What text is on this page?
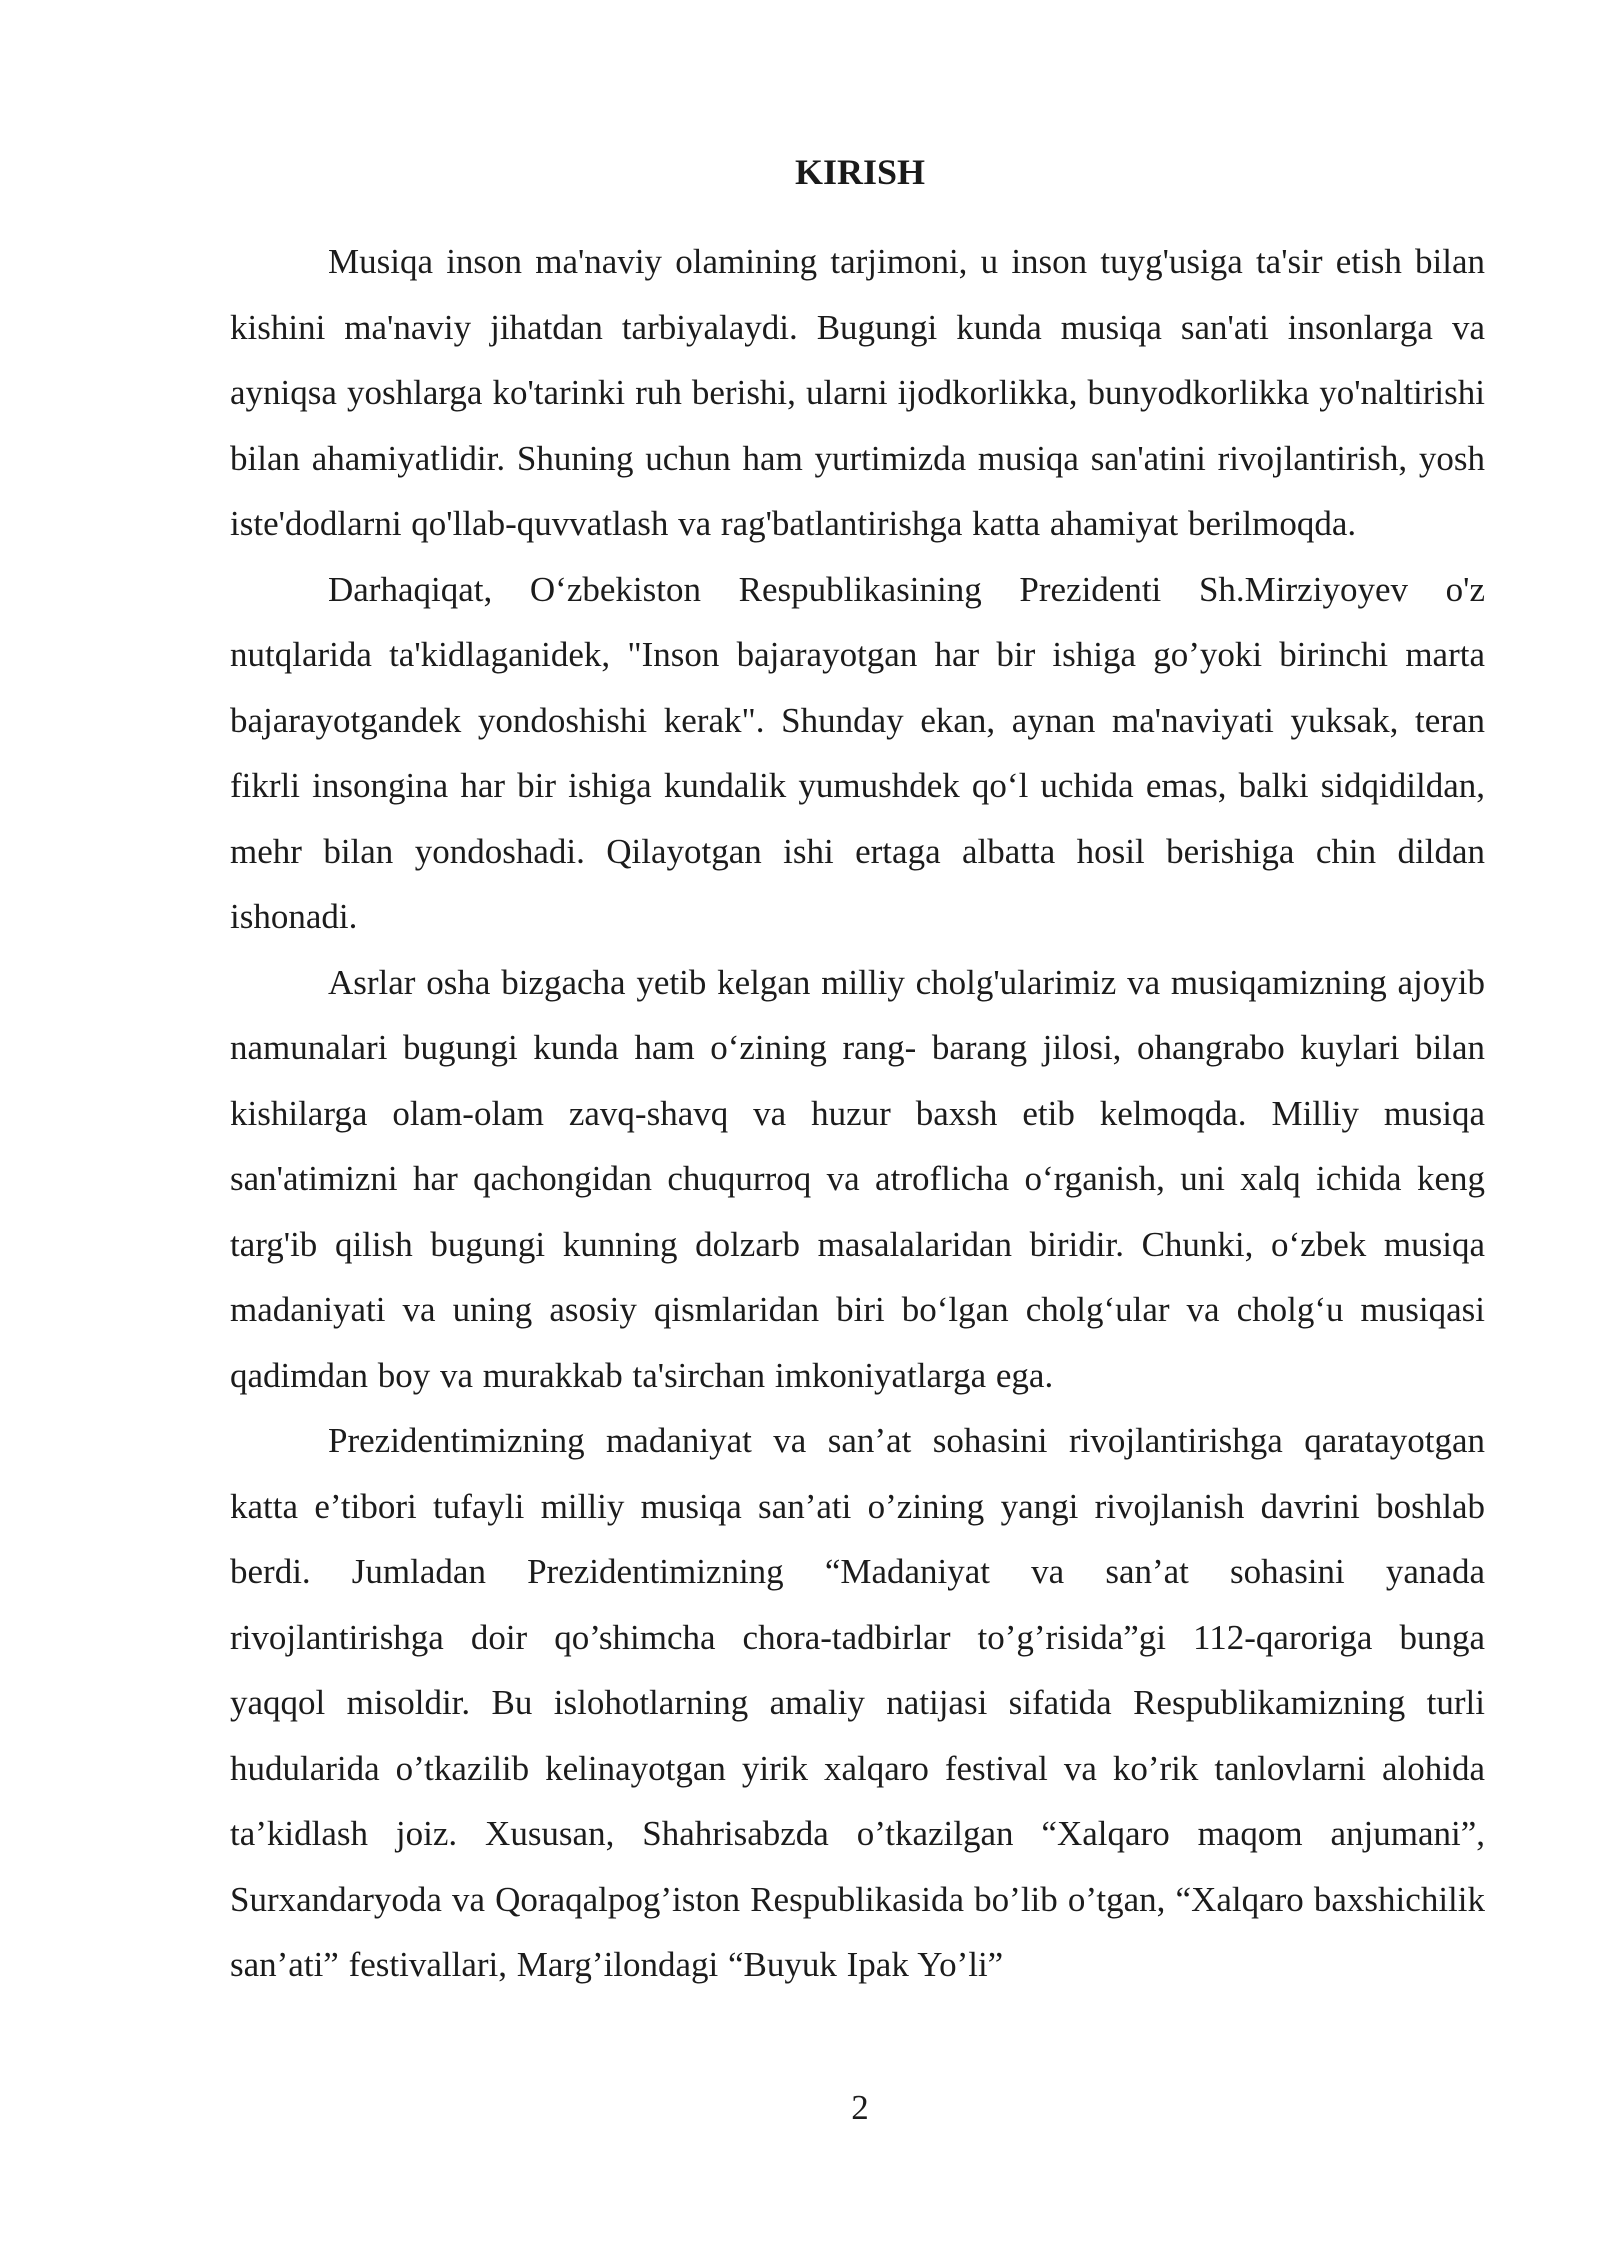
KIRISH

Musiqa inson ma'naviy olamining tarjimoni, u inson tuyg'usiga ta'sir etish bilan kishini ma'naviy jihatdan tarbiyalaydi. Bugungi kunda musiqa san'ati insonlarga va ayniqsa yoshlarga ko'tarinki ruh berishi, ularni ijodkorlikka, bunyodkorlikka yo'naltirishi bilan ahamiyatlidir. Shuning uchun ham yurtimizda musiqa san'atini rivojlantirish, yosh iste'dodlarni qo'llab-quvvatlash va rag'batlantirishga katta ahamiyat berilmoqda.

Darhaqiqat, O‘zbekiston Respublikasining Prezidenti Sh.Mirziyoyev o'z nutqlarida ta'kidlaganidek, "Inson bajarayotgan har bir ishiga go’yoki birinchi marta bajarayotgandek yondoshishi kerak". Shunday ekan, aynan ma'naviyati yuksak, teran fikrli insongina har bir ishiga kundalik yumushdek qo‘l uchida emas, balki sidqidildan, mehr bilan yondoshadi. Qilayotgan ishi ertaga albatta hosil berishiga chin dildan ishonadi.

Asrlar osha bizgacha yetib kelgan milliy cholg'ularimiz va musiqamizning ajoyib namunalari bugungi kunda ham o‘zining rang- barang jilosi, ohangrabo kuylari bilan kishilarga olam-olam zavq-shavq va huzur baxsh etib kelmoqda. Milliy musiqa san'atimizni har qachongidan chuqurroq va atroflicha o‘rganish, uni xalq ichida keng targ'ib qilish bugungi kunning dolzarb masalalaridan biridir. Chunki, o‘zbek musiqa madaniyati va uning asosiy qismlaridan biri bo‘lgan cholg‘ular va cholg‘u musiqasi qadimdan boy va murakkab ta'sirchan imkoniyatlarga ega.

Prezidentimizning madaniyat va san’at sohasini rivojlantirishga qaratayotgan katta e’tibori tufayli milliy musiqa san’ati o’zining yangi rivojlanish davrini boshlab berdi. Jumladan Prezidentimizning “Madaniyat va san’at sohasini yanada rivojlantirishga doir qo’shimcha chora-tadbirlar to’g’risida”gi 112-qaroriga bunga yaqqol misoldir. Bu islohotlarning amaliy natijasi sifatida Respublikamizning turli hudularida o’tkazilib kelinayotgan yirik xalqaro festival va ko’rik tanlovlarni alohida ta’kidlash joiz. Xususan, Shahrisabzda o’tkazilgan “Xalqaro maqom anjumani”, Surxandaryoda va Qoraqalpog’iston Respublikasida bo’lib o’tgan, “Xalqaro baxshichilik san’ati” festivallari, Marg’ilondagi “Buyuk Ipak Yo’li”

2
